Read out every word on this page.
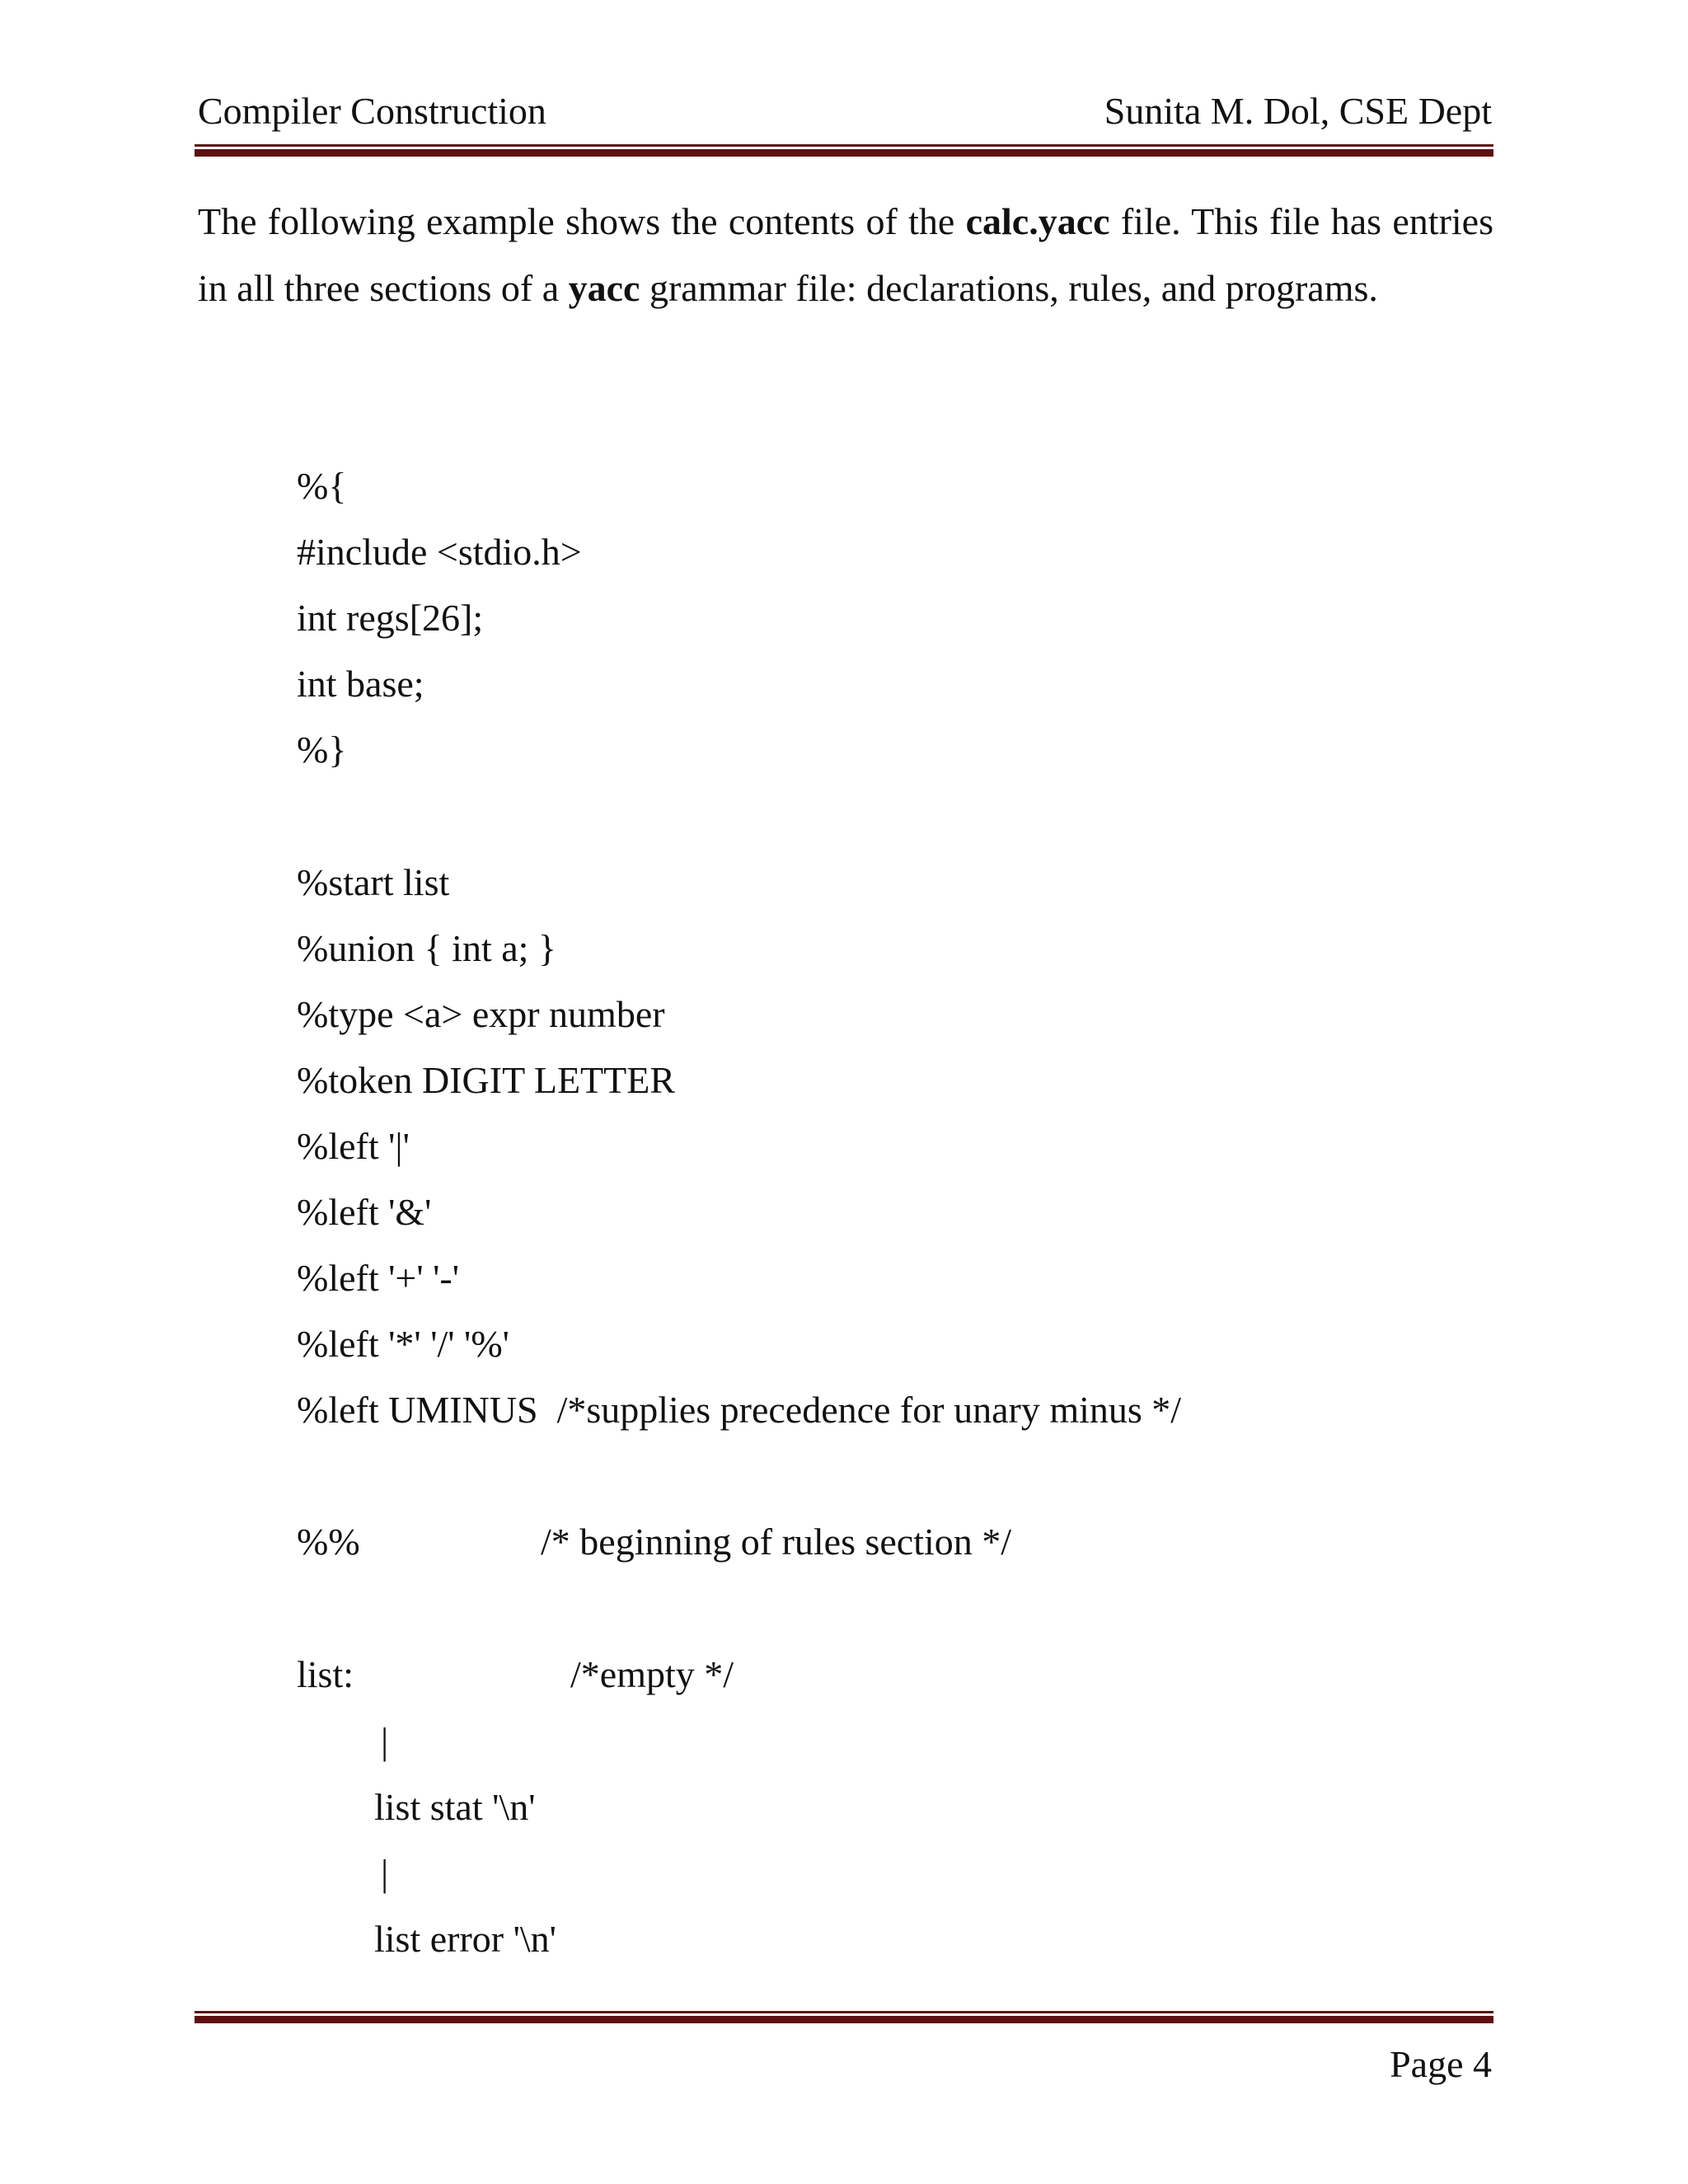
Compiler Construction	Sunita M. Dol, CSE Dept
The following example shows the contents of the calc.yacc file. This file has entries in all three sections of a yacc grammar file: declarations, rules, and programs.
%{
#include <stdio.h>
int regs[26];
int base;
%}
%start list
%union { int a; }
%type <a> expr number
%token DIGIT LETTER
%left '|'
%left '&'
%left '+' '-'
%left '*' '/' '%'
%left UMINUS  /*supplies precedence for unary minus */
%%	/* beginning of rules section */
list:	/*empty */
|
list stat '\n'
|
list error '\n'
Page 4
